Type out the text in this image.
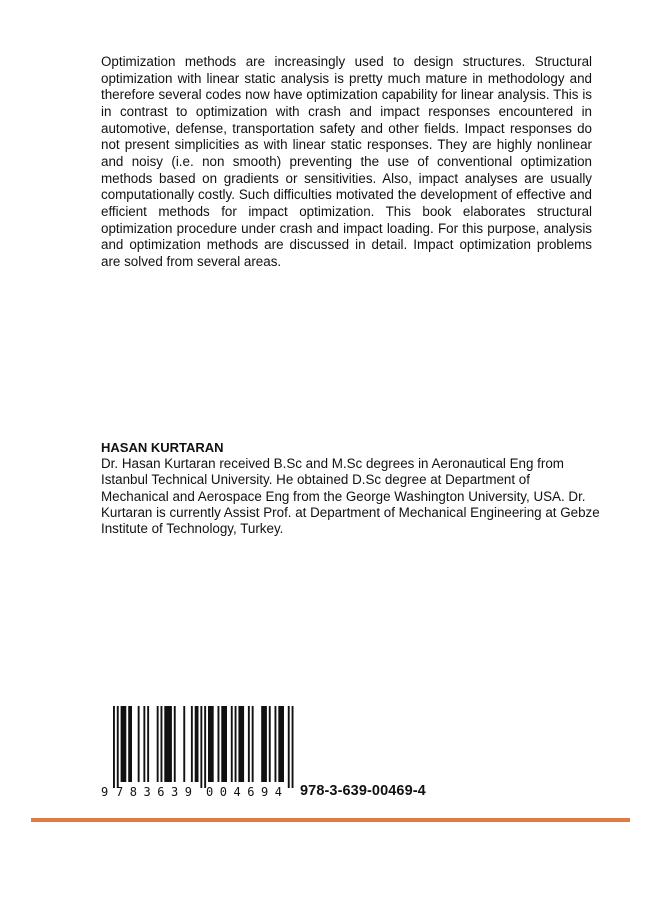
Optimization methods are increasingly used to design structures. Structural optimization with linear static analysis is pretty much mature in methodology and therefore several codes now have optimization capability for linear analysis. This is in contrast to optimization with crash and impact responses encountered in automotive, defense, transportation safety and other fields. Impact responses do not present simplicities as with linear static responses. They are highly nonlinear and noisy (i.e. non smooth) preventing the use of conventional optimization methods based on gradients or sensitivities. Also, impact analyses are usually computationally costly. Such difficulties motivated the development of effective and efficient methods for impact optimization. This book elaborates structural optimization procedure under crash and impact loading. For this purpose, analysis and optimization methods are discussed in detail. Impact optimization problems are solved from several areas.

HASAN KURTARAN

Dr. Hasan Kurtaran received B.Sc and M.Sc degrees in Aeronautical Eng from Istanbul Technical University. He obtained D.Sc degree at Department of Mechanical and Aerospace Eng from the George Washington University, USA. Dr. Kurtaran is currently Assist Prof. at Department of Mechanical Engineering at Gebze Institute of Technology, Turkey.

9 783639 004694 978-3-639-00469-4
